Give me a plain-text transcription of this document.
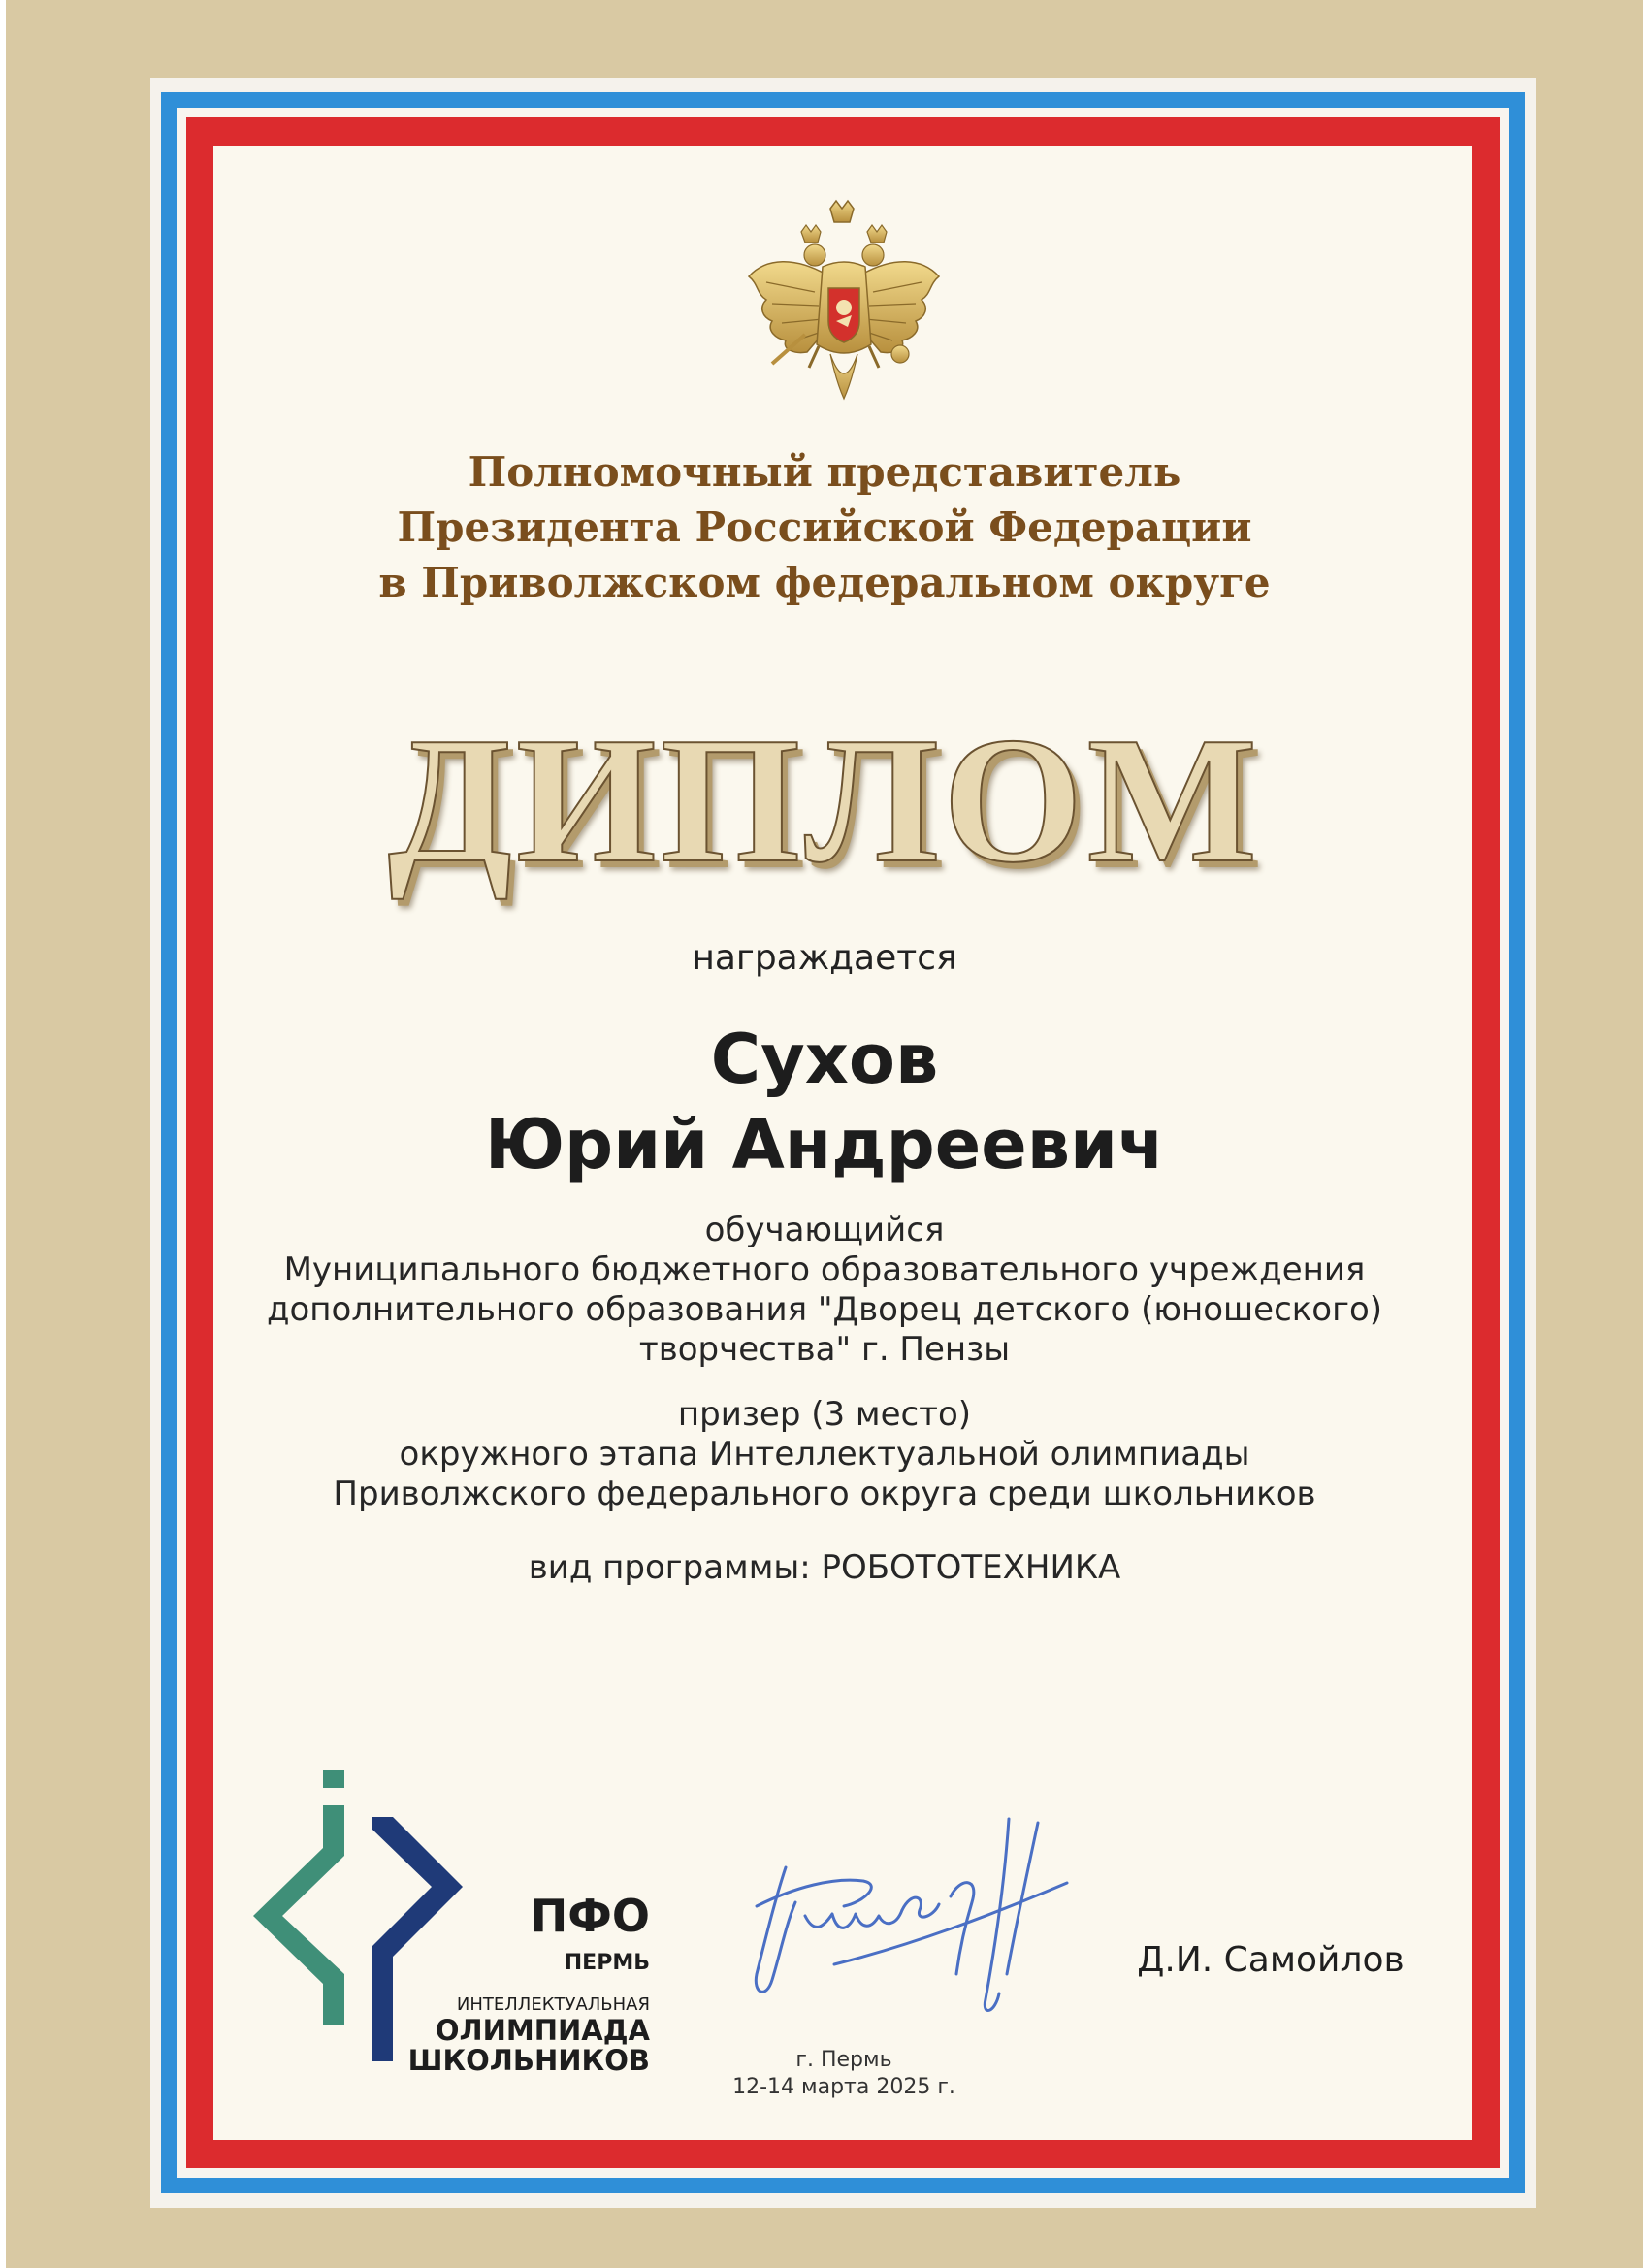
Полномочный представитель
Президента Российской Федерации
в Приволжском федеральном округе
ДИПЛОМ
награждается
Сухов
Юрий Андреевич
обучающийся
Муниципального бюджетного образовательного учреждения
дополнительного образования "Дворец детского (юношеского)
творчества" г. Пензы
призер (3 место)
окружного этапа Интеллектуальной олимпиады
Приволжского федерального округа среди школьников
вид программы: РОБОТОТЕХНИКА
ПФО
ПЕРМЬ
ИНТЕЛЛЕКТУАЛЬНАЯ
ОЛИМПИАДА
ШКОЛЬНИКОВ
Д.И. Самойлов
г. Пермь
12-14 марта 2025 г.
